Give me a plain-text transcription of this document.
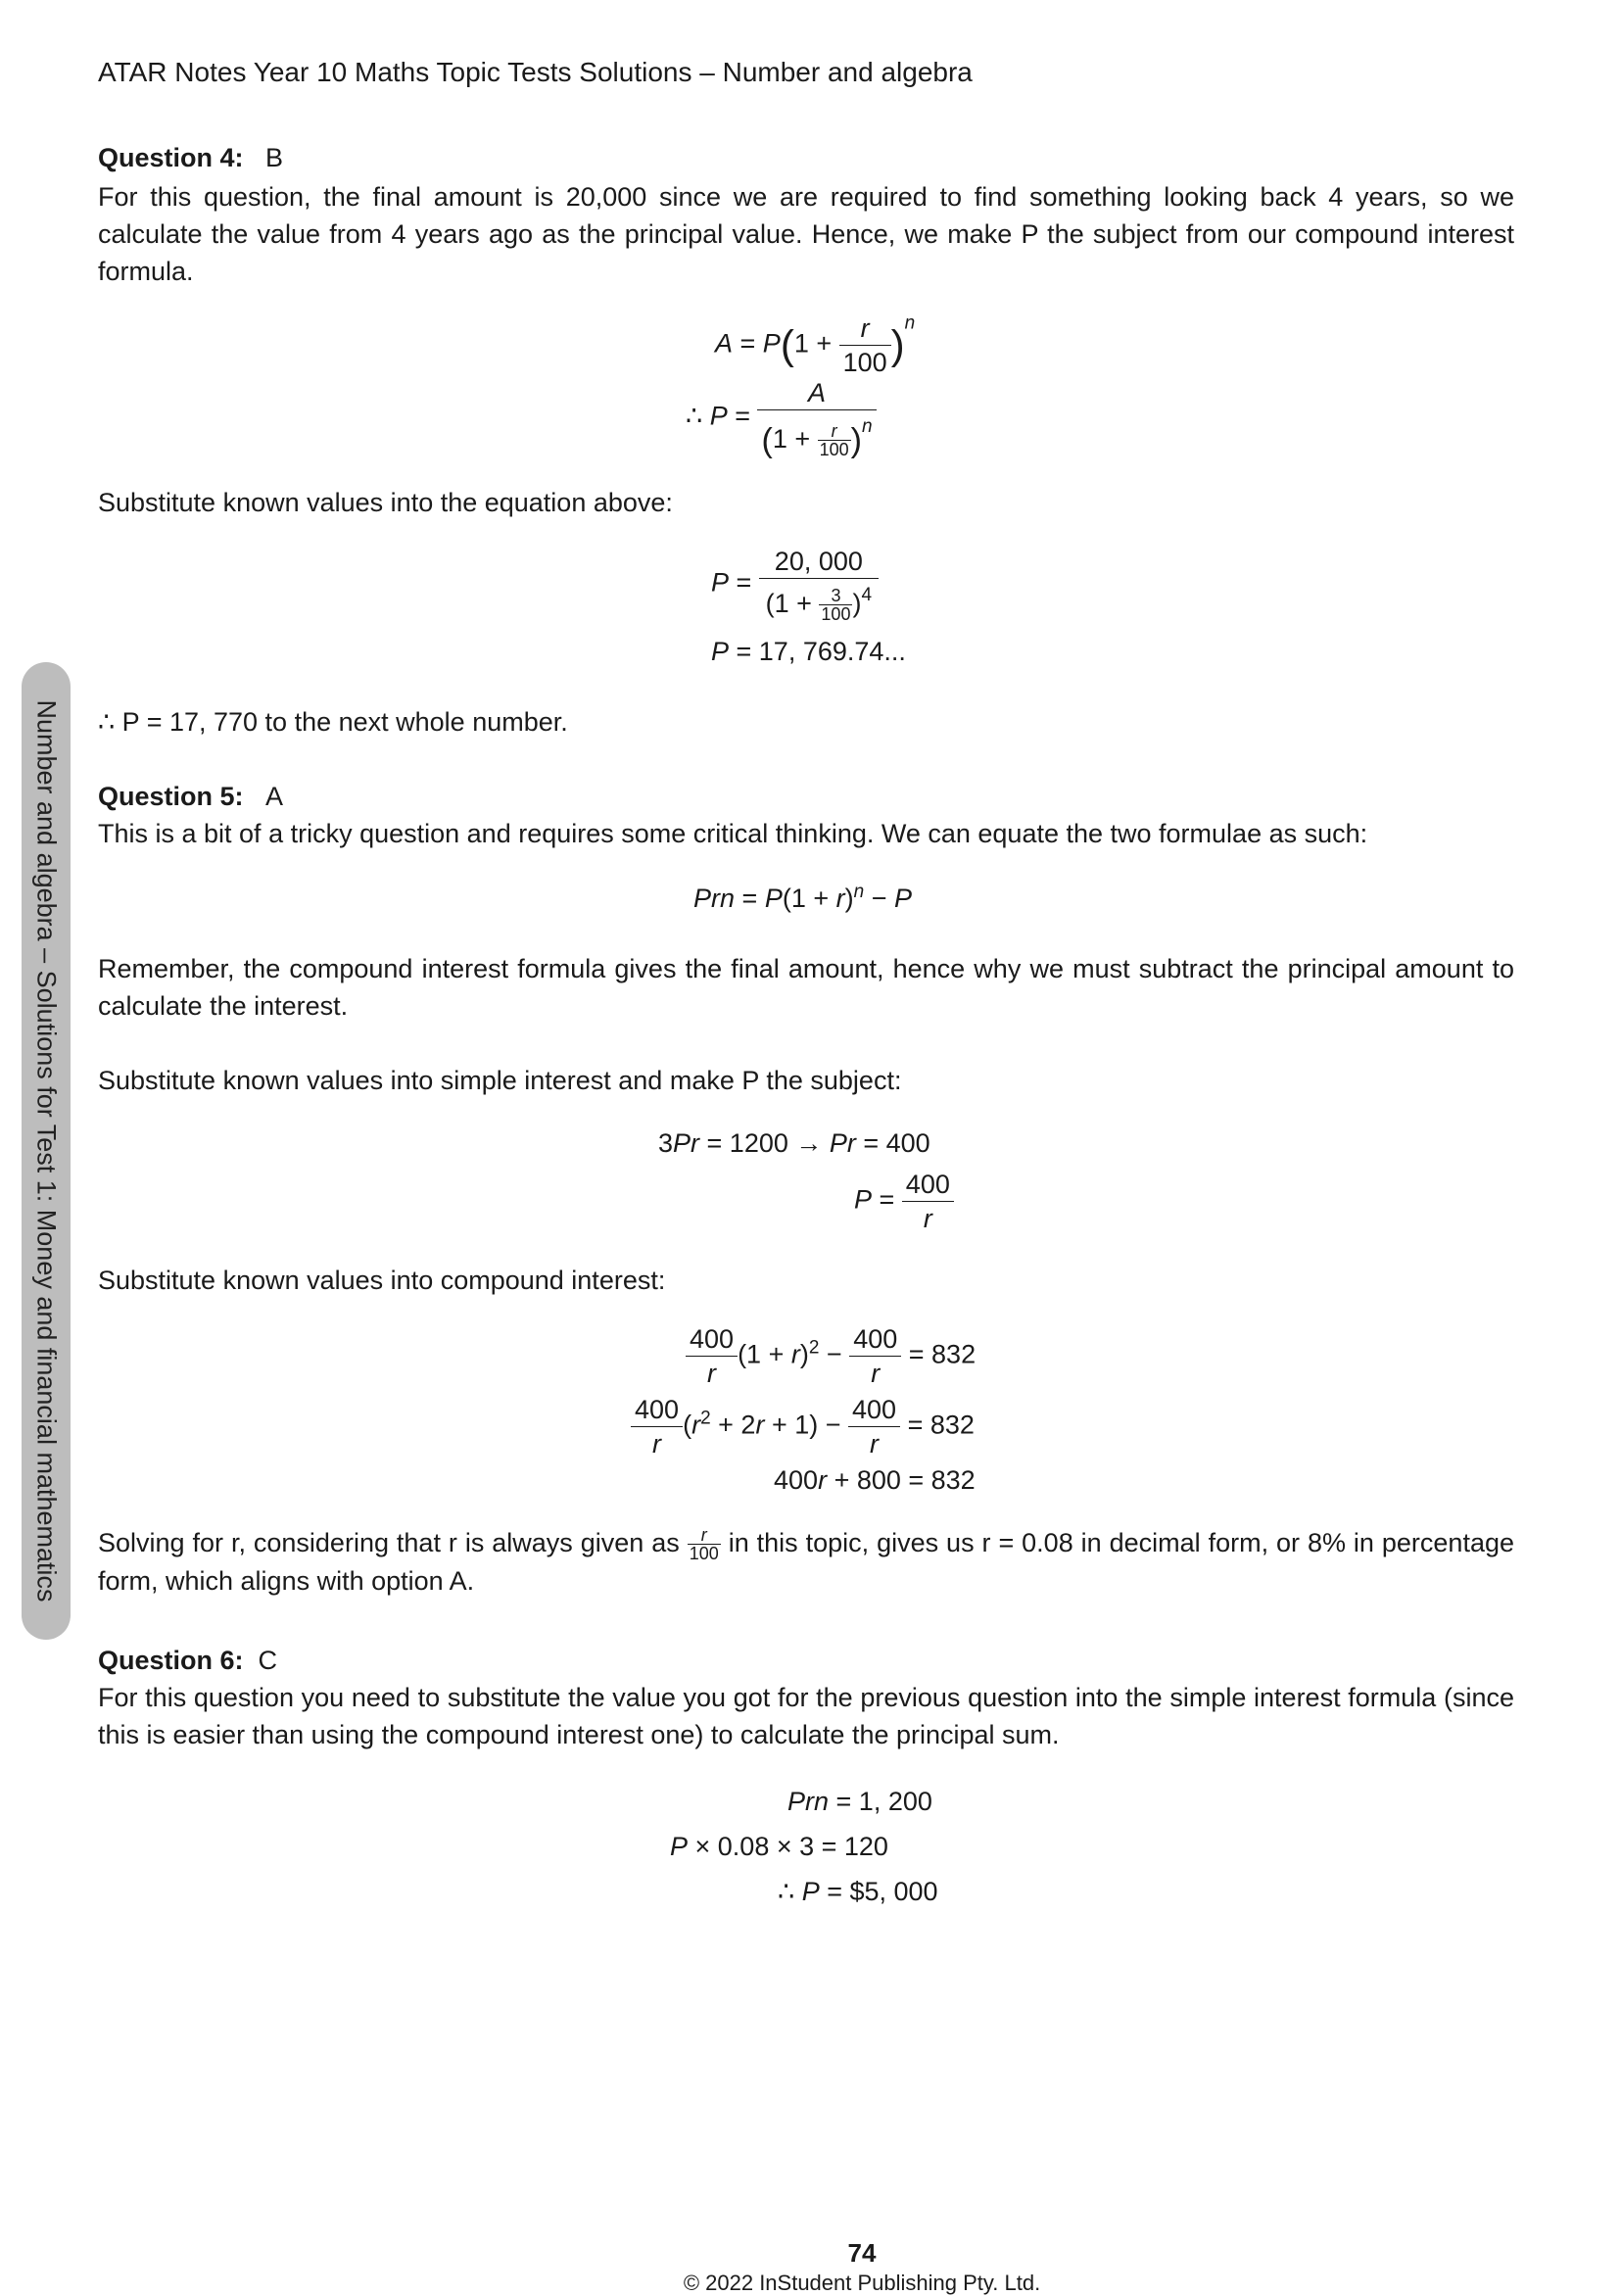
ATAR Notes Year 10 Maths Topic Tests Solutions – Number and algebra
Number and algebra – Solutions for Test 1: Money and financial mathematics
Question 4: B
For this question, the final amount is 20,000 since we are required to find something looking back 4 years, so we calculate the value from 4 years ago as the principal value. Hence, we make P the subject from our compound interest formula.
$A = P(1 + \frac{r}{100} )^n$
∴ $P = \frac{A}{(1 + \frac{r}{100} )^n}$
Substitute known values into the equation above:
$P = \frac{20, 000}{(1 + \frac{3}{100} )^4}$
P = 17, 769.74...
∴ P = 17, 770 to the next whole number.
Question 5: A
This is a bit of a tricky question and requires some critical thinking. We can equate the two formulae as such:
Prn = $P(1 + r)^n - P$
Remember, the compound interest formula gives the final amount, hence why we must subtract the principal amount to calculate the interest.
Substitute known values into simple interest and make P the subject:
3Pr = 1200 → Pr = 400
$P = \frac{400}{r}$
Substitute known values into compound interest:
$\frac{400}{r} (1 + r)^2 - \frac{400}{r} = 832$
$\frac{400}{r} (r^2 + 2r + 1) - \frac{400}{r} = 832$
400r + 800 = 832
Solving for r, considering that r is always given as $\frac{r}{100}$ in this topic, gives us r = 0.08 in decimal form, or 8% in percentage form, which aligns with option A.
Question 6: C
For this question you need to substitute the value you got for the previous question into the simple interest formula (since this is easier than using the compound interest one) to calculate the principal sum.
Prn = 1, 200
P × 0.08 × 3 = 120
∴ P = $5, 000
74
© 2022 InStudent Publishing Pty. Ltd.
